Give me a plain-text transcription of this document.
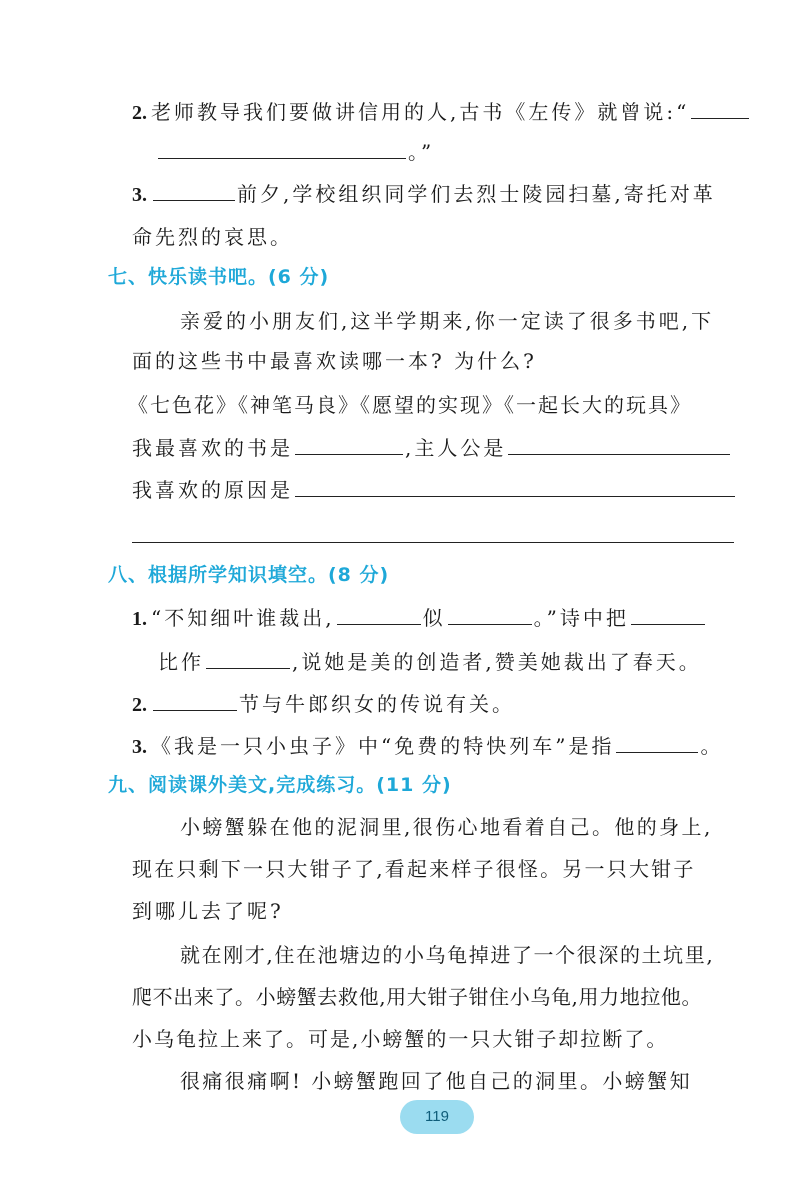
2. 老师教导我们要做讲信用的人,古书《左传》就曾说:“
。”
3.	前夕,学校组织同学们去烈士陵园扫墓,寄托对革
命先烈的哀思。
七、快乐读书吧。(6 分)
亲爱的小朋友们,这半学期来,你一定读了很多书吧,下
面的这些书中最喜欢读哪一本? 为什么?
《七色花》《神笔马良》《愿望的实现》《一起长大的玩具》
我最喜欢的书是	,主人公是
我喜欢的原因是
八、根据所学知识填空。(8 分)
1. “不知细叶谁裁出,	似	。”诗中把
比作	,说她是美的创造者,赞美她裁出了春天。
2.	节与牛郎织女的传说有关。
3. 《我是一只小虫子》中“免费的特快列车”是指	。
九、阅读课外美文,完成练习。(11 分)
小螃蟹躲在他的泥洞里,很伤心地看着自己。他的身上,
现在只剩下一只大钳子了,看起来样子很怪。另一只大钳子
到哪儿去了呢?
就在刚才,住在池塘边的小乌龟掉进了一个很深的土坑里,
爬不出来了。小螃蟹去救他,用大钳子钳住小乌龟,用力地拉他。
小乌龟拉上来了。可是,小螃蟹的一只大钳子却拉断了。
很痛很痛啊! 小螃蟹跑回了他自己的洞里。小螃蟹知
119
